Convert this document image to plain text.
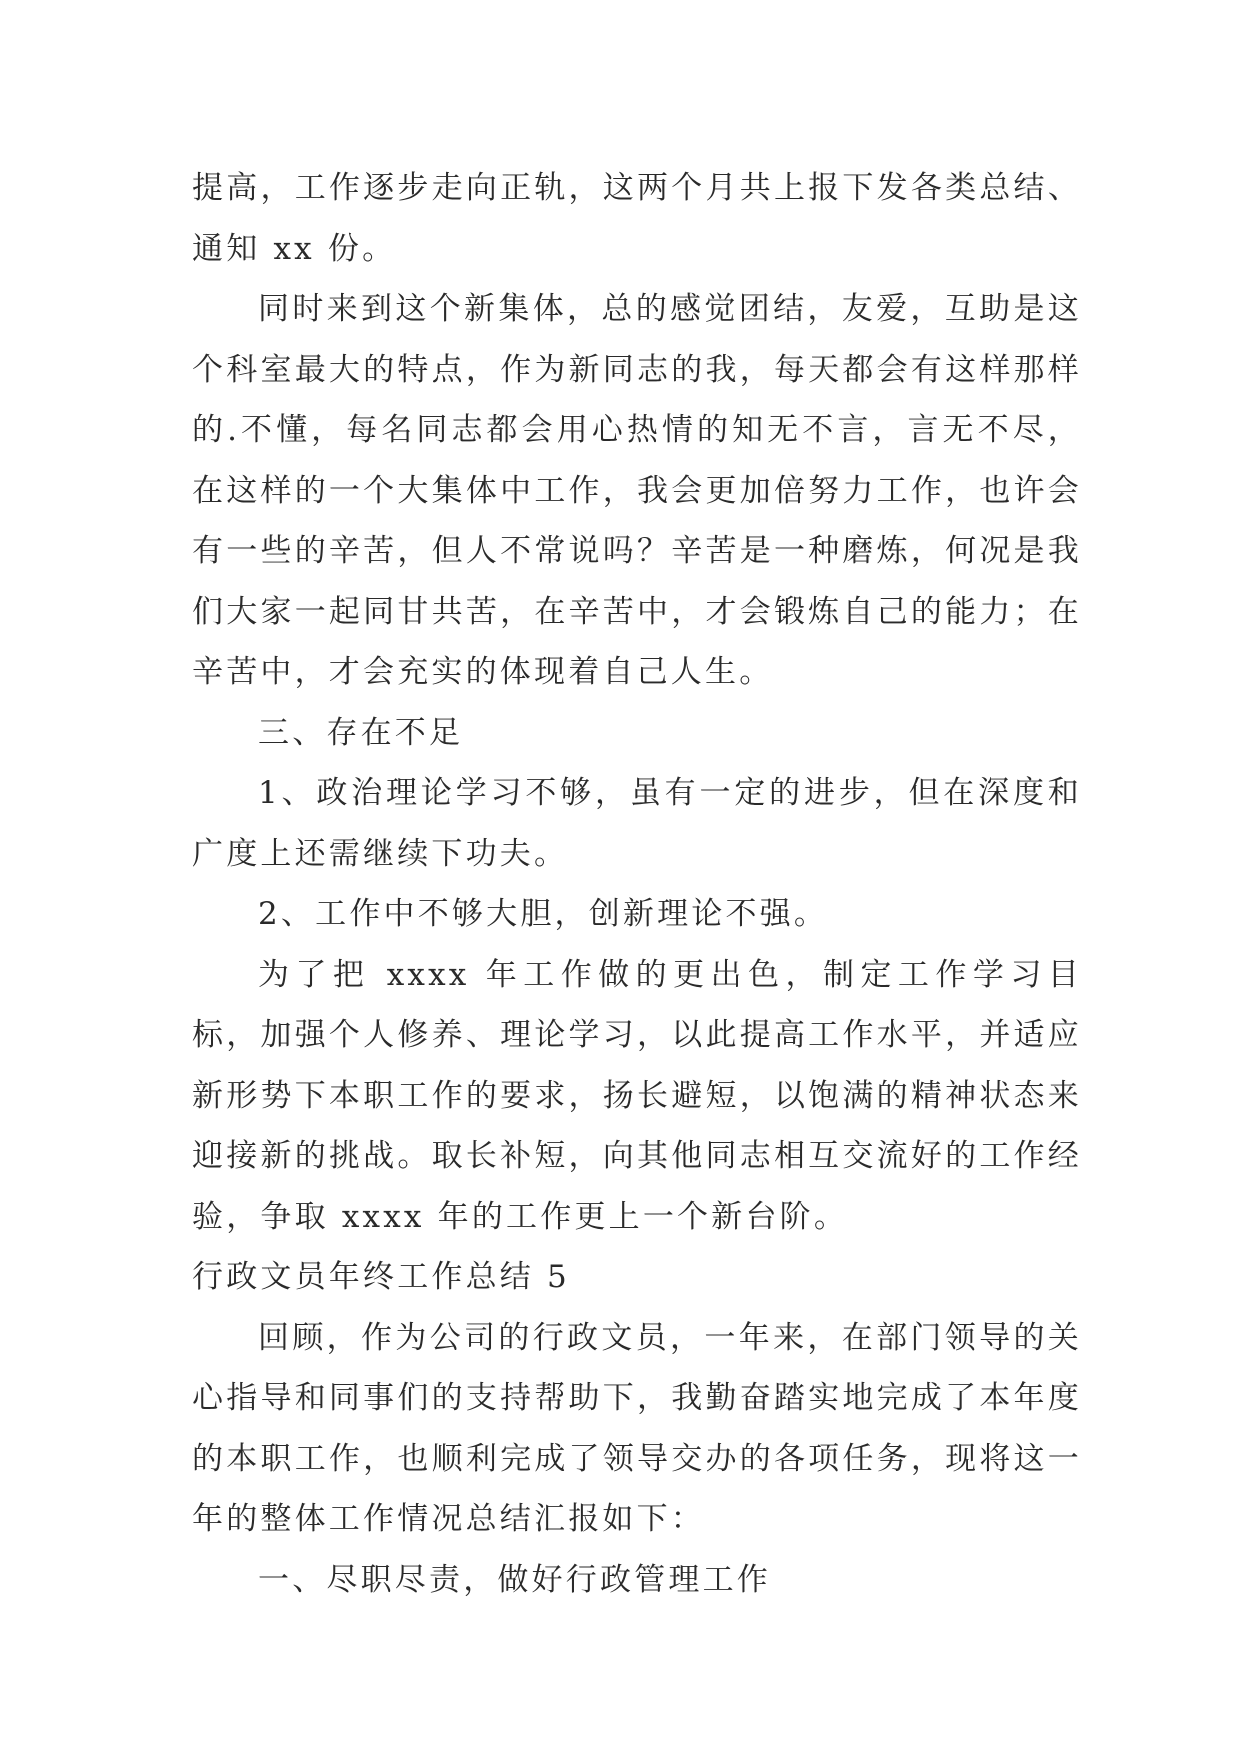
提高，工作逐步走向正轨，这两个月共上报下发各类总结、通知 xx 份。

同时来到这个新集体，总的感觉团结，友爱，互助是这个科室最大的特点，作为新同志的我，每天都会有这样那样的.不懂，每名同志都会用心热情的知无不言，言无不尽，在这样的一个大集体中工作，我会更加倍努力工作，也许会有一些的辛苦，但人不常说吗？辛苦是一种磨炼，何况是我们大家一起同甘共苦，在辛苦中，才会锻炼自己的能力；在辛苦中，才会充实的体现着自己人生。

三、存在不足

1、政治理论学习不够，虽有一定的进步，但在深度和广度上还需继续下功夫。

2、工作中不够大胆，创新理论不强。

为了把 xxxx 年工作做的更出色，制定工作学习目标，加强个人修养、理论学习，以此提高工作水平，并适应新形势下本职工作的要求，扬长避短，以饱满的精神状态来迎接新的挑战。取长补短，向其他同志相互交流好的工作经验，争取 xxxx 年的工作更上一个新台阶。

行政文员年终工作总结 5

回顾，作为公司的行政文员，一年来，在部门领导的关心指导和同事们的支持帮助下，我勤奋踏实地完成了本年度的本职工作，也顺利完成了领导交办的各项任务，现将这一年的整体工作情况总结汇报如下：

一、尽职尽责，做好行政管理工作
